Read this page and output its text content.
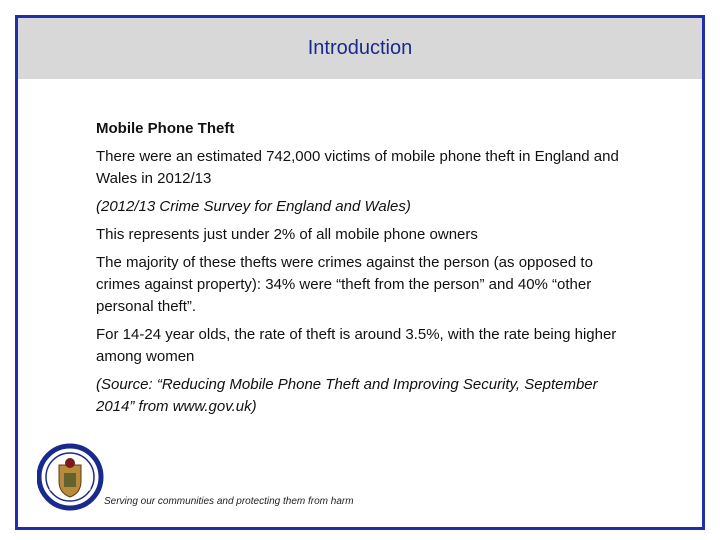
Introduction

Mobile Phone Theft

There were an estimated 742,000 victims of mobile phone theft in England and Wales in 2012/13

(2012/13 Crime Survey for England and Wales)

This represents just under 2% of all mobile phone owners

The majority of these thefts were crimes against the person (as opposed to crimes against property): 34% were “theft from the person” and 40% “other personal theft”.

For 14-24 year olds, the rate of theft is around 3.5%, with the rate being higher among women

(Source: “Reducing Mobile Phone Theft and Improving Security, September 2014” from www.gov.uk)

Serving our communities and protecting them from harm
